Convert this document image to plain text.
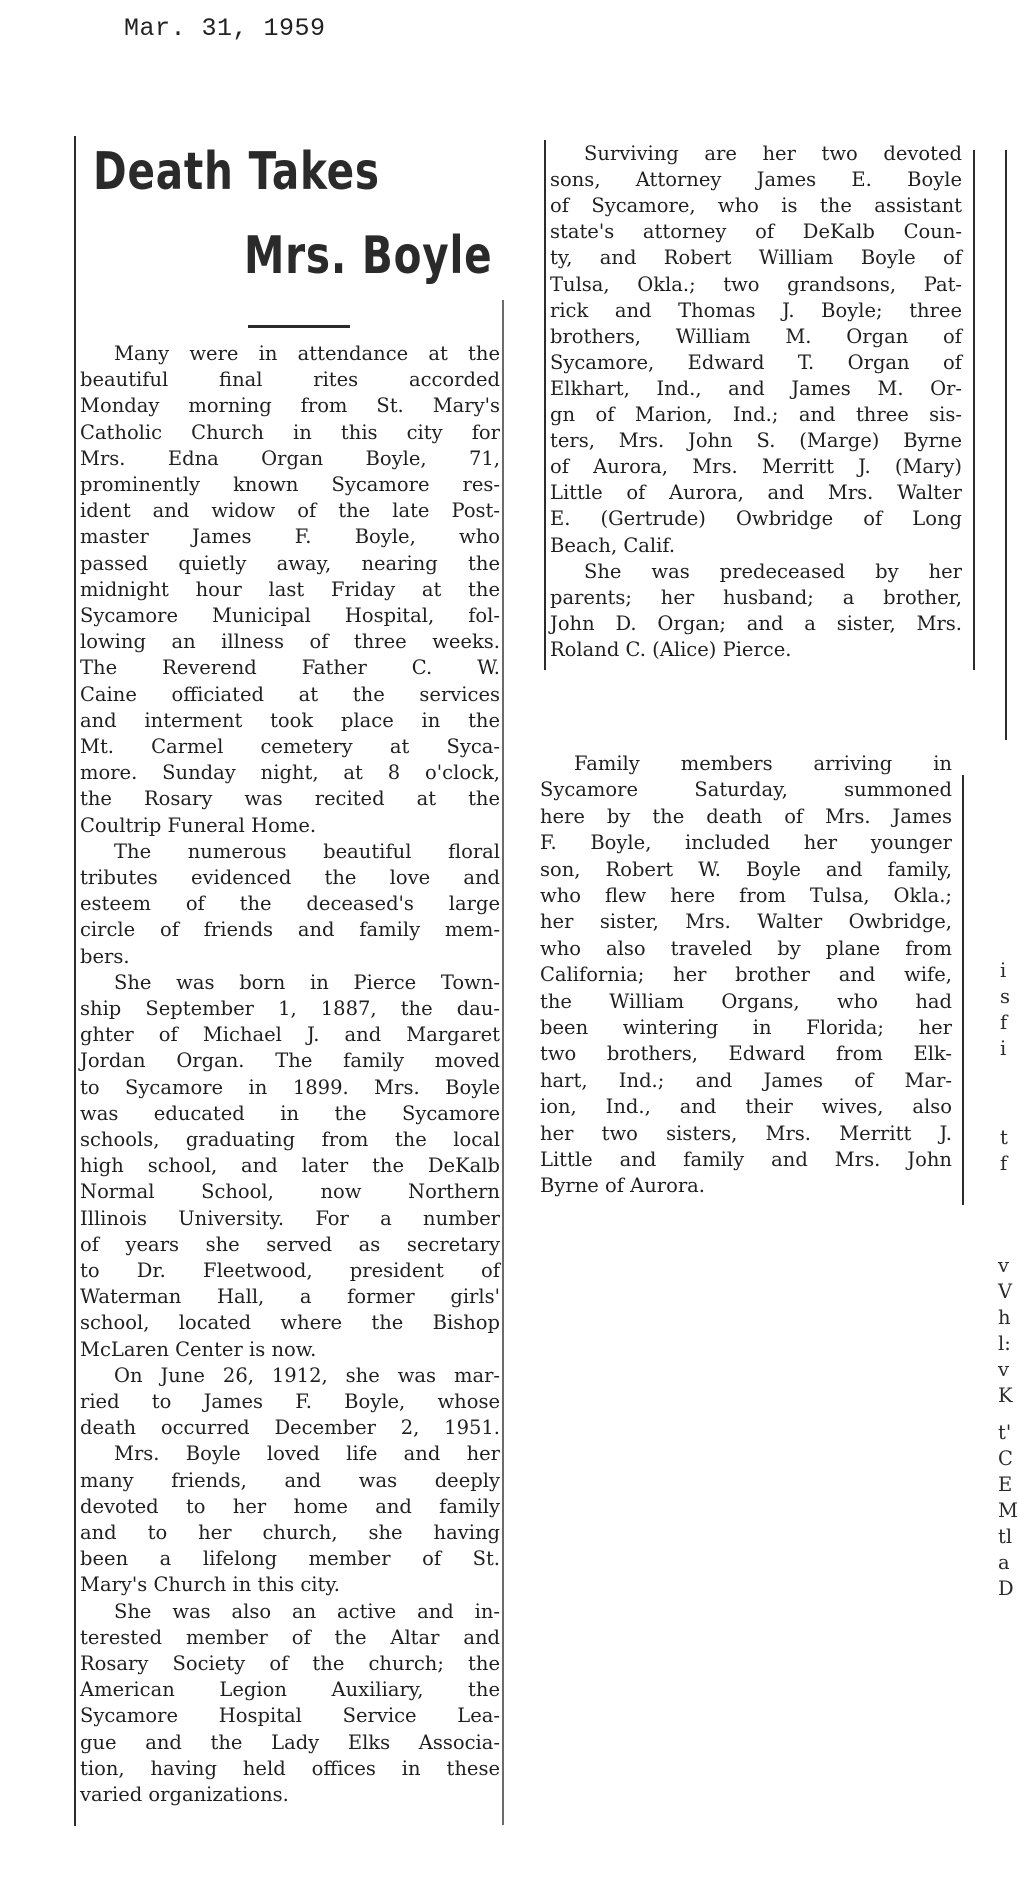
Mar. 31, 1959
Death Takes
Mrs. Boyle
Many were in attendance at the
beautiful final rites accorded
Monday morning from St. Mary's
Catholic Church in this city for
Mrs. Edna Organ Boyle, 71,
prominently known Sycamore res-
ident and widow of the late Post-
master James F. Boyle, who
passed quietly away, nearing the
midnight hour last Friday at the
Sycamore Municipal Hospital, fol-
lowing an illness of three weeks.
The Reverend Father C. W.
Caine officiated at the services
and interment took place in the
Mt. Carmel cemetery at Syca-
more. Sunday night, at 8 o'clock,
the Rosary was recited at the
Coultrip Funeral Home.
The numerous beautiful floral
tributes evidenced the love and
esteem of the deceased's large
circle of friends and family mem-
bers.
She was born in Pierce Town-
ship September 1, 1887, the dau-
ghter of Michael J. and Margaret
Jordan Organ. The family moved
to Sycamore in 1899. Mrs. Boyle
was educated in the Sycamore
schools, graduating from the local
high school, and later the DeKalb
Normal School, now Northern
Illinois University. For a number
of years she served as secretary
to Dr. Fleetwood, president of
Waterman Hall, a former girls'
school, located where the Bishop
McLaren Center is now.
On June 26, 1912, she was mar-
ried to James F. Boyle, whose
death occurred December 2, 1951.
Mrs. Boyle loved life and her
many friends, and was deeply
devoted to her home and family
and to her church, she having
been a lifelong member of St.
Mary's Church in this city.
She was also an active and in-
terested member of the Altar and
Rosary Society of the church; the
American Legion Auxiliary, the
Sycamore Hospital Service Lea-
gue and the Lady Elks Associa-
tion, having held offices in these
varied organizations.
Surviving are her two devoted
sons, Attorney James E. Boyle
of Sycamore, who is the assistant
state's attorney of DeKalb Coun-
ty, and Robert William Boyle of
Tulsa, Okla.; two grandsons, Pat-
rick and Thomas J. Boyle; three
brothers, William M. Organ of
Sycamore, Edward T. Organ of
Elkhart, Ind., and James M. Or-
gn of Marion, Ind.; and three sis-
ters, Mrs. John S. (Marge) Byrne
of Aurora, Mrs. Merritt J. (Mary)
Little of Aurora, and Mrs. Walter
E. (Gertrude) Owbridge of Long
Beach, Calif.
She was predeceased by her
parents; her husband; a brother,
John D. Organ; and a sister, Mrs.
Roland C. (Alice) Pierce.
Family members arriving in
Sycamore Saturday, summoned
here by the death of Mrs. James
F. Boyle, included her younger
son, Robert W. Boyle and family,
who flew here from Tulsa, Okla.;
her sister, Mrs. Walter Owbridge,
who also traveled by plane from
California; her brother and wife,
the William Organs, who had
been wintering in Florida; her
two brothers, Edward from Elk-
hart, Ind.; and James of Mar-
ion, Ind., and their wives, also
her two sisters, Mrs. Merritt J.
Little and family and Mrs. John
Byrne of Aurora.
i
s
f
i
t
f
v
V
h
l:
v
K
t'
C
E
M
tl
a
D
